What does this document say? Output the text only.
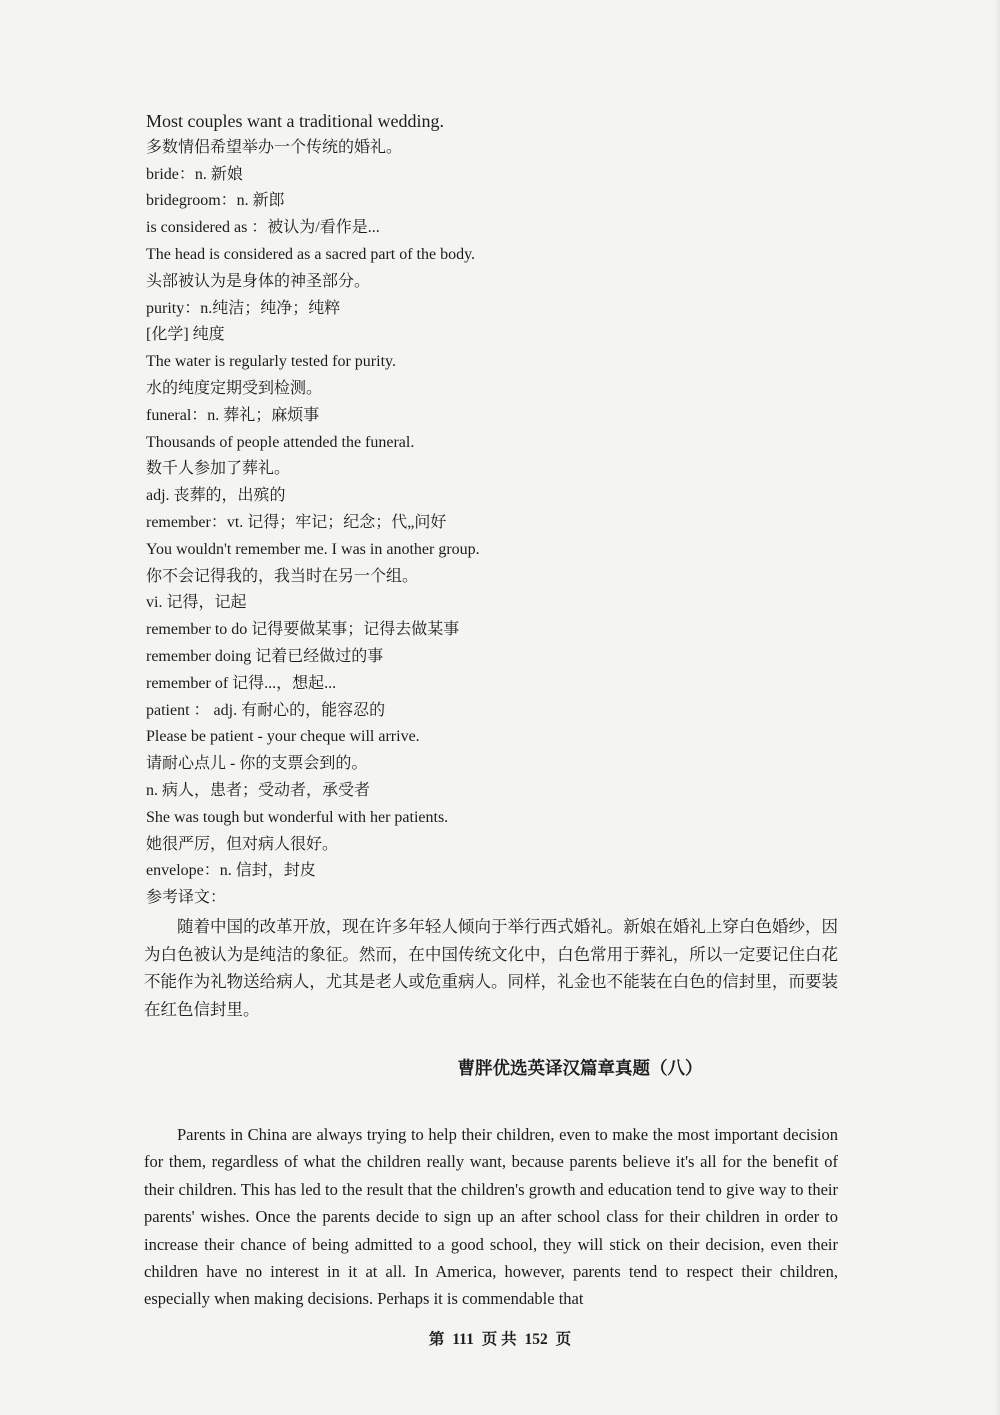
Most couples want a traditional wedding.
多数情侣希望举办一个传统的婚礼。
bride：n. 新娘
bridegroom：n. 新郎
is considered as ：被认为/看作是...
The head is considered as a sacred part of the body.
头部被认为是身体的神圣部分。
purity：n.纯洁；纯净；纯粹
[化学] 纯度
The water is regularly tested for purity.
水的纯度定期受到检测。
funeral：n. 葬礼；麻烦事
Thousands of people attended the funeral.
数千人参加了葬礼。
adj. 丧葬的，出殡的
remember：vt. 记得；牢记；纪念；代„问好
You wouldn't remember me. I was in another group.
你不会记得我的，我当时在另一个组。
vi. 记得，记起
remember to do 记得要做某事；记得去做某事
remember doing 记着已经做过的事
remember of 记得...，想起...
patient ： adj. 有耐心的，能容忍的
Please be patient - your cheque will arrive.
请耐心点儿 - 你的支票会到的。
n. 病人，患者；受动者，承受者
She was tough but wonderful with her patients.
她很严厉，但对病人很好。
envelope：n. 信封，封皮
参考译文：

随着中国的改革开放，现在许多年轻人倾向于举行西式婚礼。新娘在婚礼上穿白色婚纱，因为白色被认为是纯洁的象征。然而，在中国传统文化中，白色常用于葬礼，所以一定要记住白花不能作为礼物送给病人，尤其是老人或危重病人。同样，礼金也不能装在白色的信封里，而要装在红色信封里。

曹胖优选英译汉篇章真题（八）

Parents in China are always trying to help their children, even to make the most important decision for them, regardless of what the children really want, because parents believe it's all for the benefit of their children. This has led to the result that the children's growth and education tend to give way to their parents' wishes. Once the parents decide to sign up an after school class for their children in order to increase their chance of being admitted to a good school, they will stick on their decision, even their children have no interest in it at all. In America, however, parents tend to respect their children, especially when making decisions. Perhaps it is commendable that

第 111 页 共 152 页
